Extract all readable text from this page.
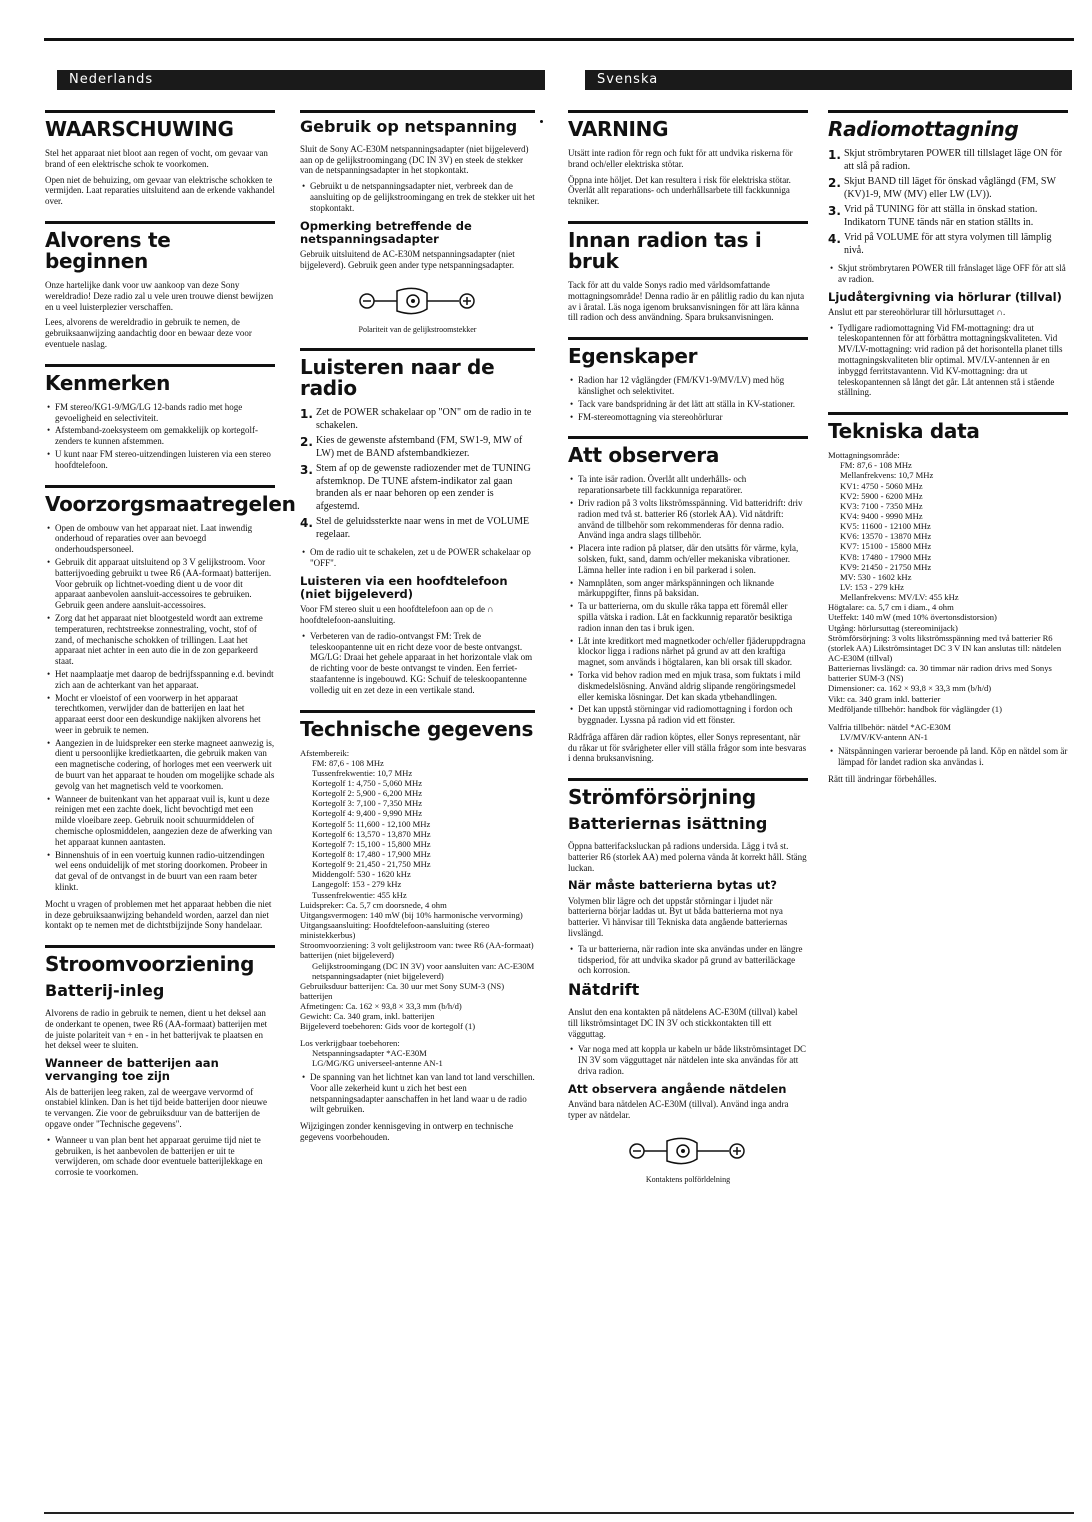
Nederlands	Svenska
WAARSCHUWING

Stel het apparaat niet bloot aan regen of vocht, om gevaar van brand of een elektrische schok te voorkomen.

Open niet de behuizing, om gevaar van elektrische schokken te vermijden. Laat reparaties uitsluitend aan de erkende vakhandel over.

Alvorens te beginnen

Onze hartelijke dank voor uw aankoop van deze Sony wereldradio! Deze radio zal u vele uren trouwe dienst bewijzen en u veel luisterplezier verschaffen.

Lees, alvorens de wereldradio in gebruik te nemen, de gebruiksaanwijzing aandachtig door en bewaar deze voor eventuele naslag.

Kenmerken
• FM stereo/KG1-9/MG/LG 12-bands radio met hoge gevoeligheid en selectiviteit.
• Afstemband-zoeksysteem om gemakkelijk op kortegolf-zenders te kunnen afstemmen.
• U kunt naar FM stereo-uitzendingen luisteren via een stereo hoofdtelefoon.
Voorzorgsmaatregelen
• Open de ombouw van het apparaat niet. Laat inwendig onderhoud of reparaties over aan bevoegd onderhoudspersoneel.
• Gebruik dit apparaat uitsluitend op 3 V gelijkstroom. Voor batterijvoeding gebruikt u twee R6 (AA-formaat) batterijen. Voor gebruik op lichtnet-voeding dient u de voor dit apparaat aanbevolen aansluit-accessoires te gebruiken. Gebruik geen andere aansluit-accessoires.
• Zorg dat het apparaat niet blootgesteld wordt aan extreme temperaturen, rechtstreekse zonnestraling, vocht, stof of zand, of mechanische schokken of trillingen. Laat het apparaat niet achter in een auto die in de zon geparkeerd staat.
• Het naamplaatje met daarop de bedrijfsspanning e.d. bevindt zich aan de achterkant van het apparaat.
• Mocht er vloeistof of een voorwerp in het apparaat terechtkomen, verwijder dan de batterijen en laat het apparaat eerst door een deskundige nakijken alvorens het weer in gebruik te nemen.
• Aangezien in de luidspreker een sterke magneet aanwezig is, dient u persoonlijke kredietkaarten, die gebruik maken van een magnetische codering, of horloges met een veerwerk uit de buurt van het apparaat te houden om mogelijke schade als gevolg van het magnetisch veld te voorkomen.
• Wanneer de buitenkant van het apparaat vuil is, kunt u deze reinigen met een zachte doek, licht bevochtigd met een milde vloeibare zeep. Gebruik nooit schuurmiddelen of chemische oplosmiddelen, aangezien deze de afwerking van het apparaat kunnen aantasten.
• Binnenshuis of in een voertuig kunnen radio-uitzendingen wel eens onduidelijk of met storing doorkomen. Probeer in dat geval of de ontvangst in de buurt van een raam beter klinkt.

Mocht u vragen of problemen met het apparaat hebben die niet in deze gebruiksaanwijzing behandeld worden, aarzel dan niet kontakt op te nemen met de dichtstbijzijnde Sony handelaar.

Stroomvoorziening
Batterij-inleg

Alvorens de radio in gebruik te nemen, dient u het deksel aan de onderkant te openen, twee R6 (AA-formaat) batterijen met de juiste polariteit van + en - in het batterijvak te plaatsen en het deksel weer te sluiten.

Wanneer de batterijen aan vervanging toe zijn

Als de batterijen leeg raken, zal de weergave vervormd of onstabiel klinken. Dan is het tijd beide batterijen door nieuwe te vervangen. Zie voor de gebruiksduur van de batterijen de opgave onder "Technische gegevens".

• Wanneer u van plan bent het apparaat geruime tijd niet te gebruiken, is het aanbevolen de batterijen er uit te verwijderen, om schade door eventuele batterijlekkage en corrosie te voorkomen.
Gebruik op netspanning

Sluit de Sony AC-E30M netspanningsadapter (niet bijgeleverd) aan op de gelijkstroomingang (DC IN 3V) en steek de stekker van de netspanningsadapter in het stopkontakt.

• Gebruikt u de netspanningsadapter niet, verbreek dan de aansluiting op de gelijkstroomingang en trek de stekker uit het stopkontakt.
Opmerking betreffende de netspanningsadapter

Gebruik uitsluitend de AC-E30M netspanningsadapter (niet bijgeleverd). Gebruik geen ander type netspanningsadapter.

Polariteit van de gelijkstroomstekker

Luisteren naar de radio
1. Zet de POWER schakelaar op "ON" om de radio in te schakelen.
2. Kies de gewenste afstemband (FM, SW1-9, MW of LW) met de BAND afstembandkiezer.
3. Stem af op de gewenste radiozender met de TUNING afstemknop. De TUNE afstem-indikator zal gaan branden als er naar behoren op een zender is afgestemd.
4. Stel de geluidssterkte naar wens in met de VOLUME regelaar.
• Om de radio uit te schakelen, zet u de POWER schakelaar op "OFF".
Luisteren via een hoofdtelefoon (niet bijgeleverd)

Voor FM stereo sluit u een hoofdtelefoon aan op de ∩ hoofdtelefoon-aansluiting.

• Verbeteren van de radio-ontvangst FM: Trek de teleskoopantenne uit en richt deze voor de beste ontvangst. MG/LG: Draai het gehele apparaat in het horizontale vlak om de richting voor de beste ontvangst te vinden. Een ferriet-staafantenne is ingebouwd. KG: Schuif de teleskoopantenne volledig uit en zet deze in een vertikale stand.
Technische gegevens
Afstembereik:
FM: 87,6 - 108 MHz
Tussenfrekwentie: 10,7 MHz
Kortegolf 1: 4,750 - 5,060 MHz
Kortegolf 2: 5,900 - 6,200 MHz
Kortegolf 3: 7,100 - 7,350 MHz
Kortegolf 4: 9,400 - 9,990 MHz
Kortegolf 5: 11,600 - 12,100 MHz
Kortegolf 6: 13,570 - 13,870 MHz
Kortegolf 7: 15,100 - 15,800 MHz
Kortegolf 8: 17,480 - 17,900 MHz
Kortegolf 9: 21,450 - 21,750 MHz
Middengolf: 530 - 1620 kHz
Langegolf: 153 - 279 kHz
Tussenfrekwentie: 455 kHz
Luidspreker: Ca. 5,7 cm doorsnede, 4 ohm
Uitgangsvermogen: 140 mW (bij 10% harmonische vervorming)
Uitgangsaansluiting: Hoofdtelefoon-aansluiting (stereo ministekkerbus)
Stroomvoorziening: 3 volt gelijkstroom van: twee R6 (AA-formaat) batterijen (niet bijgeleverd)
Gelijkstroomingang (DC IN 3V) voor aansluiten van: AC-E30M netspanningsadapter (niet bijgeleverd)
Gebruiksduur batterijen: Ca. 30 uur met Sony SUM-3 (NS) batterijen
Afmetingen: Ca. 162 × 93,8 × 33,3 mm (b/h/d)
Gewicht: Ca. 340 gram, inkl. batterijen
Bijgeleverd toebehoren: Gids voor de kortegolf (1)
Los verkrijgbaar toebehoren:
Netspanningsadapter *AC-E30M
LG/MG/KG universeel-antenne AN-1
• De spanning van het lichtnet kan van land tot land verschillen. Voor alle zekerheid kunt u zich het best een netspanningsadapter aanschaffen in het land waar u de radio wilt gebruiken.

Wijzigingen zonder kennisgeving in ontwerp en technische gegevens voorbehouden.

VARNING

Utsätt inte radion för regn och fukt för att undvika riskerna för brand och/eller elektriska stötar.

Öppna inte höljet. Det kan resultera i risk för elektriska stötar. Överlåt allt reparations- och underhållsarbete till fackkunniga tekniker.

Innan radion tas i bruk

Tack för att du valde Sonys radio med världsomfattande mottagningsområde! Denna radio är en pålitlig radio du kan njuta av i åratal. Läs noga igenom bruksanvisningen för att lära känna till radion och dess användning. Spara bruksanvisningen.

Egenskaper
• Radion har 12 våglängder (FM/KV1-9/MV/LV) med hög känslighet och selektivitet.
• Tack vare bandspridning är det lätt att ställa in KV-stationer.
• FM-stereomottagning via stereohörlurar
Att observera
• Ta inte isär radion. Överlåt allt underhålls- och reparationsarbete till fackkunniga reparatörer.
• Driv radion på 3 volts likströmsspänning. Vid batteridrift: driv radion med två st. batterier R6 (storlek AA). Vid nätdrift: använd de tillbehör som rekommenderas för denna radio. Använd inga andra slags tillbehör.
• Placera inte radion på platser, där den utsätts för värme, kyla, solsken, fukt, sand, damm och/eller mekaniska vibrationer. Lämna heller inte radion i en bil parkerad i solen.
• Namnplåten, som anger märkspänningen och liknande märkuppgifter, finns på baksidan.
• Ta ur batterierna, om du skulle råka tappa ett föremål eller spilla vätska i radion. Låt en fackkunnig reparatör besiktiga radion innan den tas i bruk igen.
• Låt inte kreditkort med magnetkoder och/eller fjäderuppdragna klockor ligga i radions närhet på grund av att den kraftiga magnet, som används i högtalaren, kan bli orsak till skador.
• Torka vid behov radion med en mjuk trasa, som fuktats i mild diskmedelslösning. Använd aldrig slipande rengöringsmedel eller kemiska lösningar. Det kan skada ytbehandlingen.
• Det kan uppstå störningar vid radiomottagning i fordon och byggnader. Lyssna på radion vid ett fönster.

Rådfråga affären där radion köptes, eller Sonys representant, när du råkar ut för svårigheter eller vill ställa frågor som inte besvaras i denna bruksanvisning.

Strömförsörjning
Batteriernas isättning

Öppna batterifacksluckan på radions undersida. Lägg i två st. batterier R6 (storlek AA) med polerna vända åt korrekt håll. Stäng luckan.

När måste batterierna bytas ut?

Volymen blir lägre och det uppstår störningar i ljudet när batterierna börjar laddas ut. Byt ut båda batterierna mot nya batterier. Vi hänvisar till Tekniska data angående batteriernas livslängd.

• Ta ur batterierna, när radion inte ska användas under en längre tidsperiod, för att undvika skador på grund av batteriläckage och korrosion.
Nätdrift

Anslut den ena kontakten på nätdelens AC-E30M (tillval) kabel till likströmsintaget DC IN 3V och stickkontakten till ett vägguttag.

• Var noga med att koppla ur kabeln ur både likströmsintaget DC IN 3V som vägguttaget när nätdelen inte ska användas för att driva radion.
Att observera angående nätdelen

Använd bara nätdelen AC-E30M (tillval). Använd inga andra typer av nätdelar.

Kontaktens polförldelning

Radiomottagning
1. Skjut strömbrytaren POWER till tillslaget läge ON för att slå på radion.
2. Skjut BAND till läget för önskad våglängd (FM, SW (KV)1-9, MW (MV) eller LW (LV)).
3. Vrid på TUNING för att ställa in önskad station. Indikatorn TUNE tänds när en station ställts in.
4. Vrid på VOLUME för att styra volymen till lämplig nivå.
• Skjut strömbrytaren POWER till frånslaget läge OFF för att slå av radion.
Ljudåtergivning via hörlurar (tillval)

Anslut ett par stereohörlurar till hörlursuttaget ∩.

• Tydligare radiomottagning Vid FM-mottagning: dra ut teleskopantennen för att förbättra mottagningskvaliteten. Vid MV/LV-mottagning: vrid radion på det horisontella planet tills mottagningskvaliteten blir optimal. MV/LV-antennen är en inbyggd ferritstavantenn. Vid KV-mottagning: dra ut teleskopantennen så långt det går. Låt antennen stå i stående ställning.
Tekniska data
Mottagningsområde:
FM: 87,6 - 108 MHz
Mellanfrekvens: 10,7 MHz
KV1: 4750 - 5060 MHz
KV2: 5900 - 6200 MHz
KV3: 7100 - 7350 MHz
KV4: 9400 - 9990 MHz
KV5: 11600 - 12100 MHz
KV6: 13570 - 13870 MHz
KV7: 15100 - 15800 MHz
KV8: 17480 - 17900 MHz
KV9: 21450 - 21750 MHz
MV: 530 - 1602 kHz
LV: 153 - 279 kHz
Mellanfrekvens: MV/LV: 455 kHz
Högtalare: ca. 5,7 cm i diam., 4 ohm
Uteffekt: 140 mW (med 10% övertonsdistorsion)
Utgång: hörlursuttag (stereominijack)
Strömförsörjning: 3 volts likströmsspänning med två batterier R6 (storlek AA) Likströmsintaget DC 3 V IN kan anslutas till: nätdelen AC-E30M (tillval)
Batteriernas livslängd: ca. 30 timmar när radion drivs med Sonys batterier SUM-3 (NS)
Dimensioner: ca. 162 × 93,8 × 33,3 mm (b/h/d)
Vikt: ca. 340 gram inkl. batterier
Medföljande tillbehör: handbok för våglängder (1)
Valfria tillbehör: nätdel *AC-E30M
LV/MV/KV-antenn AN-1
• Nätspänningen varierar beroende på land. Köp en nätdel som är lämpad för landet radion ska användas i.

Rätt till ändringar förbehålles.
